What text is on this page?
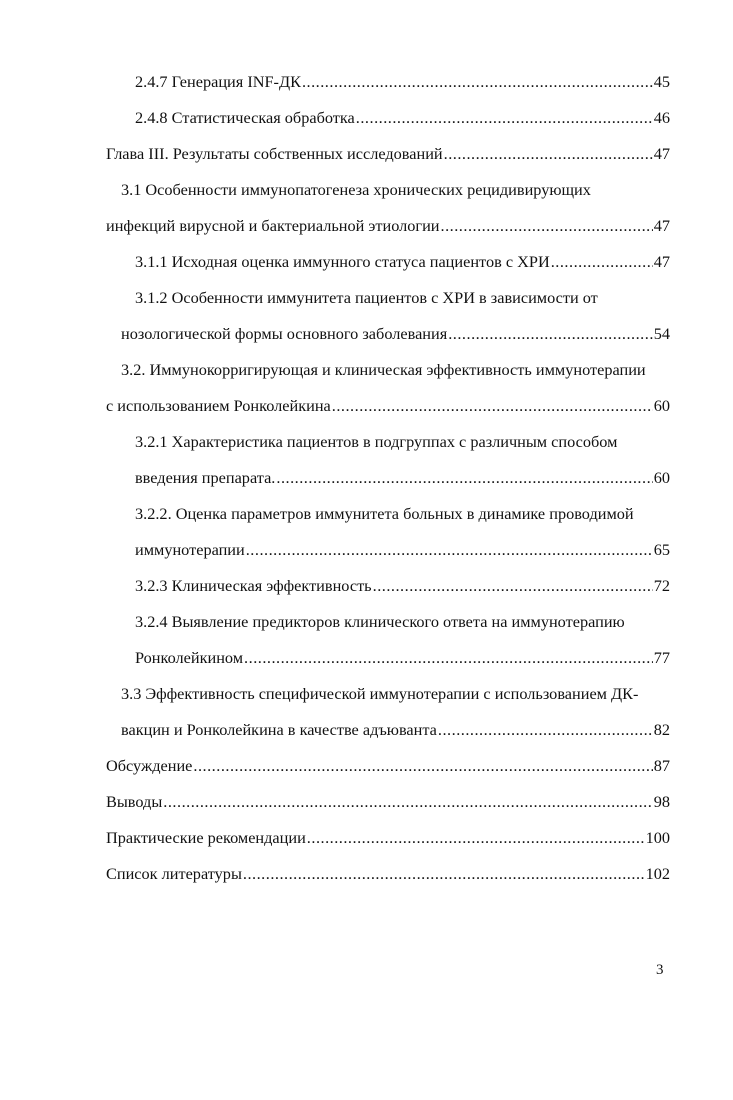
2.4.7 Генерация INF-ДК .....	45
2.4.8 Статистическая обработка .....	46
Глава III. Результаты собственных исследований .....	47
3.1 Особенности иммунопатогенеза хронических рецидивирующих
инфекций вирусной и бактериальной этиологии .....	47
3.1.1 Исходная оценка иммунного статуса пациентов с ХРИ .....	47
3.1.2 Особенности иммунитета пациентов с ХРИ в зависимости от
нозологической формы основного заболевания .....	54
3.2. Иммунокорригирующая и клиническая эффективность иммунотерапии
с использованием Ронколейкина .....	60
3.2.1 Характеристика пациентов в подгруппах с различным способом
введения препарата. .....	60
3.2.2. Оценка параметров иммунитета больных в динамике проводимой
иммунотерапии .....	65
3.2.3 Клиническая эффективность .....	72
3.2.4 Выявление предикторов клинического ответа на иммунотерапию
Ронколейкином .....	77
3.3 Эффективность специфической иммунотерапии с использованием ДК-
вакцин и Ронколейкина в качестве адъюванта .....	82
Обсуждение .....	87
Выводы .....	98
Практические рекомендации .....	100
Список литературы .....	102
3
